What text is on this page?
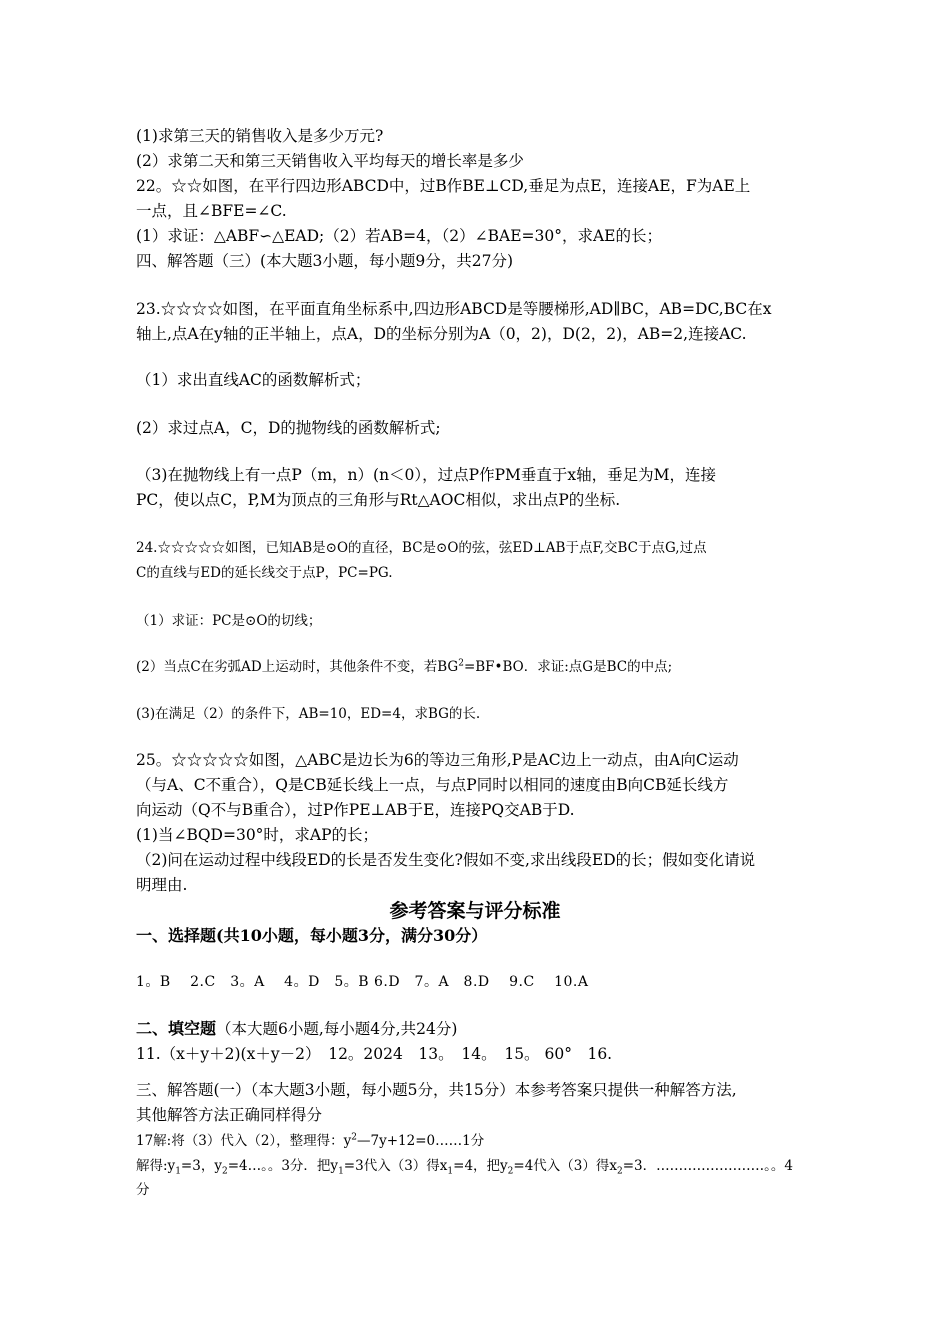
(1)求第三天的销售收入是多少万元?
(2）求第二天和第三天销售收入平均每天的增长率是多少
22。☆☆如图，在平行四边形ABCD中，过B作BE⊥CD,垂足为点E，连接AE，F为AE上
一点，且∠BFE=∠C.
(1）求证：△ABF∽△EAD;（2）若AB=4，（2）∠BAE=30°，求AE的长；
四、解答题（三）(本大题3小题，每小题9分，共27分)
23.☆☆☆☆如图，在平面直角坐标系中,四边形ABCD是等腰梯形,AD∥BC，AB=DC,BC在x
轴上,点A在y轴的正半轴上，点A，D的坐标分别为A（0，2)，D(2，2)，AB=2,连接AC.
（1）求出直线AC的函数解析式；
(2）求过点A，C，D的抛物线的函数解析式;
（3)在抛物线上有一点P（m，n）(n＜0），过点P作PM垂直于x轴，垂足为M，连接
PC，使以点C，P,M为顶点的三角形与Rt△AOC相似，求出点P的坐标.
24.☆☆☆☆☆如图，已知AB是⊙O的直径，BC是⊙O的弦，弦ED⊥AB于点F,交BC于点G,过点
C的直线与ED的延长线交于点P，PC=PG.
（1）求证：PC是⊙O的切线；
(2）当点C在劣弧AD上运动时，其他条件不变，若$BG^2=BF•BO$．求证:点G是BC的中点;
(3)在满足（2）的条件下，AB=10，ED=4，求BG的长.
25。☆☆☆☆☆如图，△ABC是边长为6的等边三角形,P是AC边上一动点，由A向C运动
（与A、C不重合），Q是CB延长线上一点，与点P同时以相同的速度由B向CB延长线方
向运动（Q不与B重合），过P作PE⊥AB于E，连接PQ交AB于D.
(1)当∠BQD=30°时，求AP的长；
（2)问在运动过程中线段ED的长是否发生变化?假如不变,求出线段ED的长；假如变化请说
明理由.
参考答案与评分标准
一、选择题(共10小题，每小题3分，满分30分）
1。B　 2.C　3。A　 4。D　5。B 6.D　7。A　8.D　 9.C　 10.A
二、填空题（本大题6小题,每小题4分,共24分)
11.（x＋y＋2)(x＋y－2）　12。2024　13。　14。　15。 60°　16.
三、解答题(一）（本大题3小题，每小题5分，共15分）本参考答案只提供一种解答方法,
其他解答方法正确同样得分
17解:将（3）代入（2），整理得：$y^2—7y+12=0\dots\dots 1$分
解得$:y_1=3$，$y_2=4\dots$。。3分．把$y_1=3$代入（3）得$x_1=4$，把$y_2=4$代入（3）得$x_2=3$．……………………。。4
分
